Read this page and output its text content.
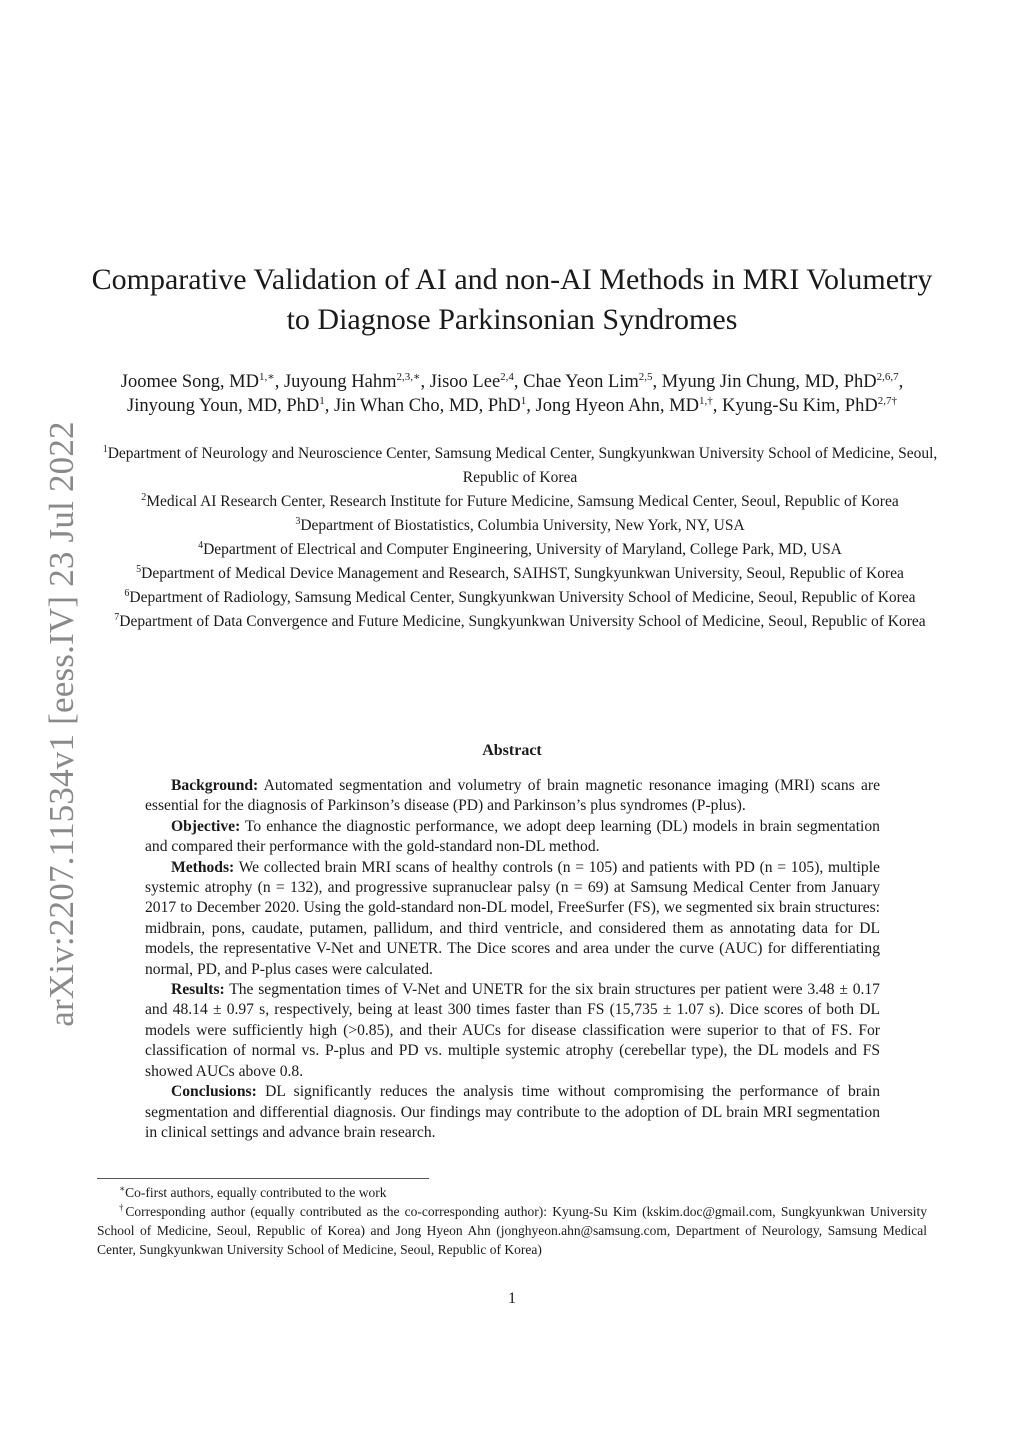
arXiv:2207.11534v1 [eess.IV] 23 Jul 2022
Comparative Validation of AI and non-AI Methods in MRI Volumetry
to Diagnose Parkinsonian Syndromes
Joomee Song, $MD^{1,∗}$, Juyoung Hahm$^{2,3,∗}$, Jisoo Lee$^{2,4}$, Chae Yeon Lim$^{2,5}$, Myung Jin Chung, MD, PhD$^{2,6,7}$, Jinyoung Youn, MD, PhD$^1$, Jin Whan Cho, MD, PhD$^1$, Jong Hyeon Ahn, $MD^{1,\dagger}$, Kyung-Su Kim, PhD$^{2,7\dagger}$

$^1$Department of Neurology and Neuroscience Center, Samsung Medical Center, Sungkyunkwan University School of Medicine, Seoul, Republic of Korea

$^2$Medical AI Research Center, Research Institute for Future Medicine, Samsung Medical Center, Seoul, Republic of Korea

$^3$Department of Biostatistics, Columbia University, New York, NY, USA

$^4$Department of Electrical and Computer Engineering, University of Maryland, College Park, MD, USA

$^5$Department of Medical Device Management and Research, SAIHST, Sungkyunkwan University, Seoul, Republic of Korea

$^6$Department of Radiology, Samsung Medical Center, Sungkyunkwan University School of Medicine, Seoul, Republic of Korea

$^7$Department of Data Convergence and Future Medicine, Sungkyunkwan University School of Medicine, Seoul, Republic of Korea

Abstract

Background: Automated segmentation and volumetry of brain magnetic resonance imaging (MRI) scans are essential for the diagnosis of Parkinson’s disease (PD) and Parkinson’s plus syndromes (P-plus).

Objective: To enhance the diagnostic performance, we adopt deep learning (DL) models in brain segmentation and compared their performance with the gold-standard non-DL method.

Methods: We collected brain MRI scans of healthy controls (n = 105) and patients with PD (n = 105), multiple systemic atrophy (n = 132), and progressive supranuclear palsy (n = 69) at Samsung Medical Center from January 2017 to December 2020. Using the gold-standard non-DL model, FreeSurfer (FS), we segmented six brain structures: midbrain, pons, caudate, putamen, pallidum, and third ventricle, and considered them as annotating data for DL models, the representative V-Net and UNETR. The Dice scores and area under the curve (AUC) for differentiating normal, PD, and P-plus cases were calculated.

Results: The segmentation times of V-Net and UNETR for the six brain structures per patient were 3.48 ± 0.17 and 48.14 ± 0.97 s, respectively, being at least 300 times faster than FS (15,735 ± 1.07 s). Dice scores of both DL models were sufficiently high (>0.85), and their AUCs for disease classification were superior to that of FS. For classification of normal vs. P-plus and PD vs. multiple systemic atrophy (cerebellar type), the DL models and FS showed AUCs above 0.8.

Conclusions: DL significantly reduces the analysis time without compromising the performance of brain segmentation and differential diagnosis. Our findings may contribute to the adoption of DL brain MRI segmentation in clinical settings and advance brain research.

∗Co-first authors, equally contributed to the work

†Corresponding author (equally contributed as the co-corresponding author): Kyung-Su Kim (kskim.doc@gmail.com, Sungkyunkwan University School of Medicine, Seoul, Republic of Korea) and Jong Hyeon Ahn (jonghyeon.ahn@samsung.com, Department of Neurology, Samsung Medical Center, Sungkyunkwan University School of Medicine, Seoul, Republic of Korea)

1
